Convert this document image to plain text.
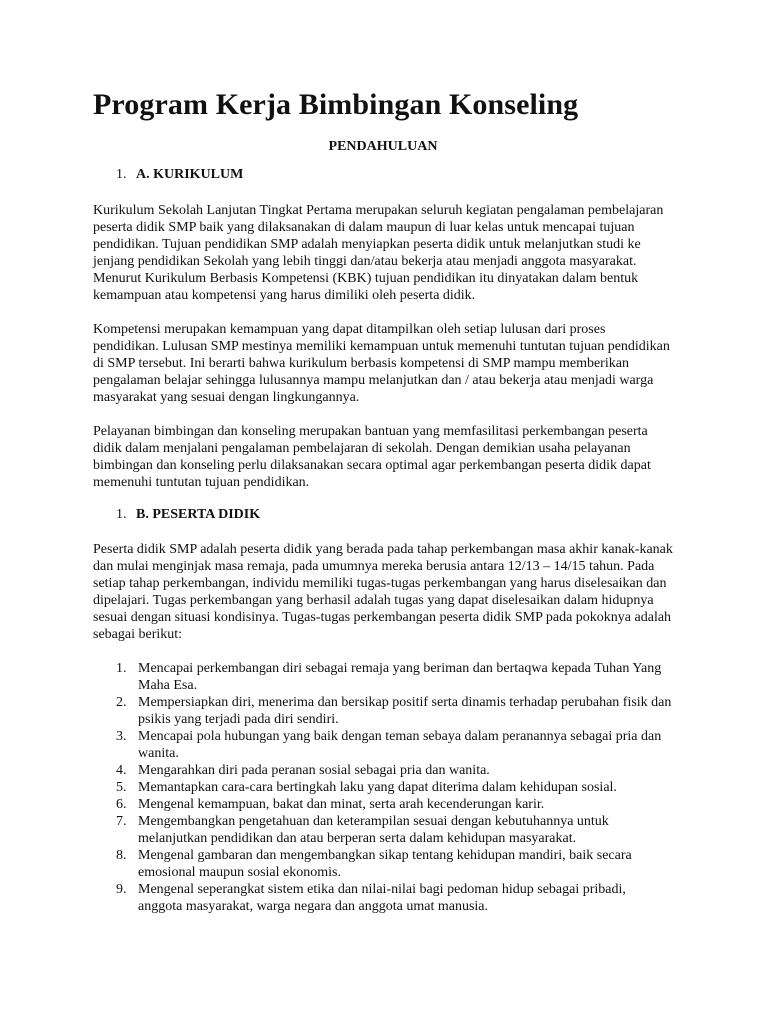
Program Kerja Bimbingan Konseling
PENDAHULUAN
1. A. KURIKULUM

Kurikulum Sekolah Lanjutan Tingkat Pertama merupakan seluruh kegiatan pengalaman pembelajaran peserta didik SMP baik yang dilaksanakan di dalam maupun di luar kelas untuk mencapai tujuan pendidikan. Tujuan pendidikan SMP adalah menyiapkan peserta didik untuk melanjutkan studi ke jenjang pendidikan Sekolah yang lebih tinggi dan/atau bekerja atau menjadi anggota masyarakat. Menurut Kurikulum Berbasis Kompetensi (KBK) tujuan pendidikan itu dinyatakan dalam bentuk kemampuan atau kompetensi yang harus dimiliki oleh peserta didik.

Kompetensi merupakan kemampuan yang dapat ditampilkan oleh setiap lulusan dari proses pendidikan. Lulusan SMP mestinya memiliki kemampuan untuk memenuhi tuntutan tujuan pendidikan di SMP tersebut. Ini berarti bahwa kurikulum berbasis kompetensi di SMP mampu memberikan pengalaman belajar sehingga lulusannya mampu melanjutkan dan / atau bekerja atau menjadi warga masyarakat yang sesuai dengan lingkungannya.

Pelayanan bimbingan dan konseling merupakan bantuan yang memfasilitasi perkembangan peserta didik dalam menjalani pengalaman pembelajaran di sekolah. Dengan demikian usaha pelayanan bimbingan dan konseling perlu dilaksanakan secara optimal agar perkembangan peserta didik dapat memenuhi tuntutan tujuan pendidikan.

1. B. PESERTA DIDIK

Peserta didik SMP adalah peserta didik yang berada pada tahap perkembangan masa akhir kanak-kanak dan mulai menginjak masa remaja, pada umumnya mereka berusia antara 12/13 – 14/15 tahun. Pada setiap tahap perkembangan, individu memiliki tugas-tugas perkembangan yang harus diselesaikan dan dipelajari. Tugas perkembangan yang berhasil adalah tugas yang dapat diselesaikan dalam hidupnya sesuai dengan situasi kondisinya. Tugas-tugas perkembangan peserta didik SMP pada pokoknya adalah sebagai berikut:

1. Mencapai perkembangan diri sebagai remaja yang beriman dan bertaqwa kepada Tuhan Yang Maha Esa.
2. Mempersiapkan diri, menerima dan bersikap positif serta dinamis terhadap perubahan fisik dan psikis yang terjadi pada diri sendiri.
3. Mencapai pola hubungan yang baik dengan teman sebaya dalam peranannya sebagai pria dan wanita.
4. Mengarahkan diri pada peranan sosial sebagai pria dan wanita.
5. Memantapkan cara-cara bertingkah laku yang dapat diterima dalam kehidupan sosial.
6. Mengenal kemampuan, bakat dan minat, serta arah kecenderungan karir.
7. Mengembangkan pengetahuan dan keterampilan sesuai dengan kebutuhannya untuk melanjutkan pendidikan dan atau berperan serta dalam kehidupan masyarakat.
8. Mengenal gambaran dan mengembangkan sikap tentang kehidupan mandiri, baik secara emosional maupun sosial ekonomis.
9. Mengenal seperangkat sistem etika dan nilai-nilai bagi pedoman hidup sebagai pribadi, anggota masyarakat, warga negara dan anggota umat manusia.
